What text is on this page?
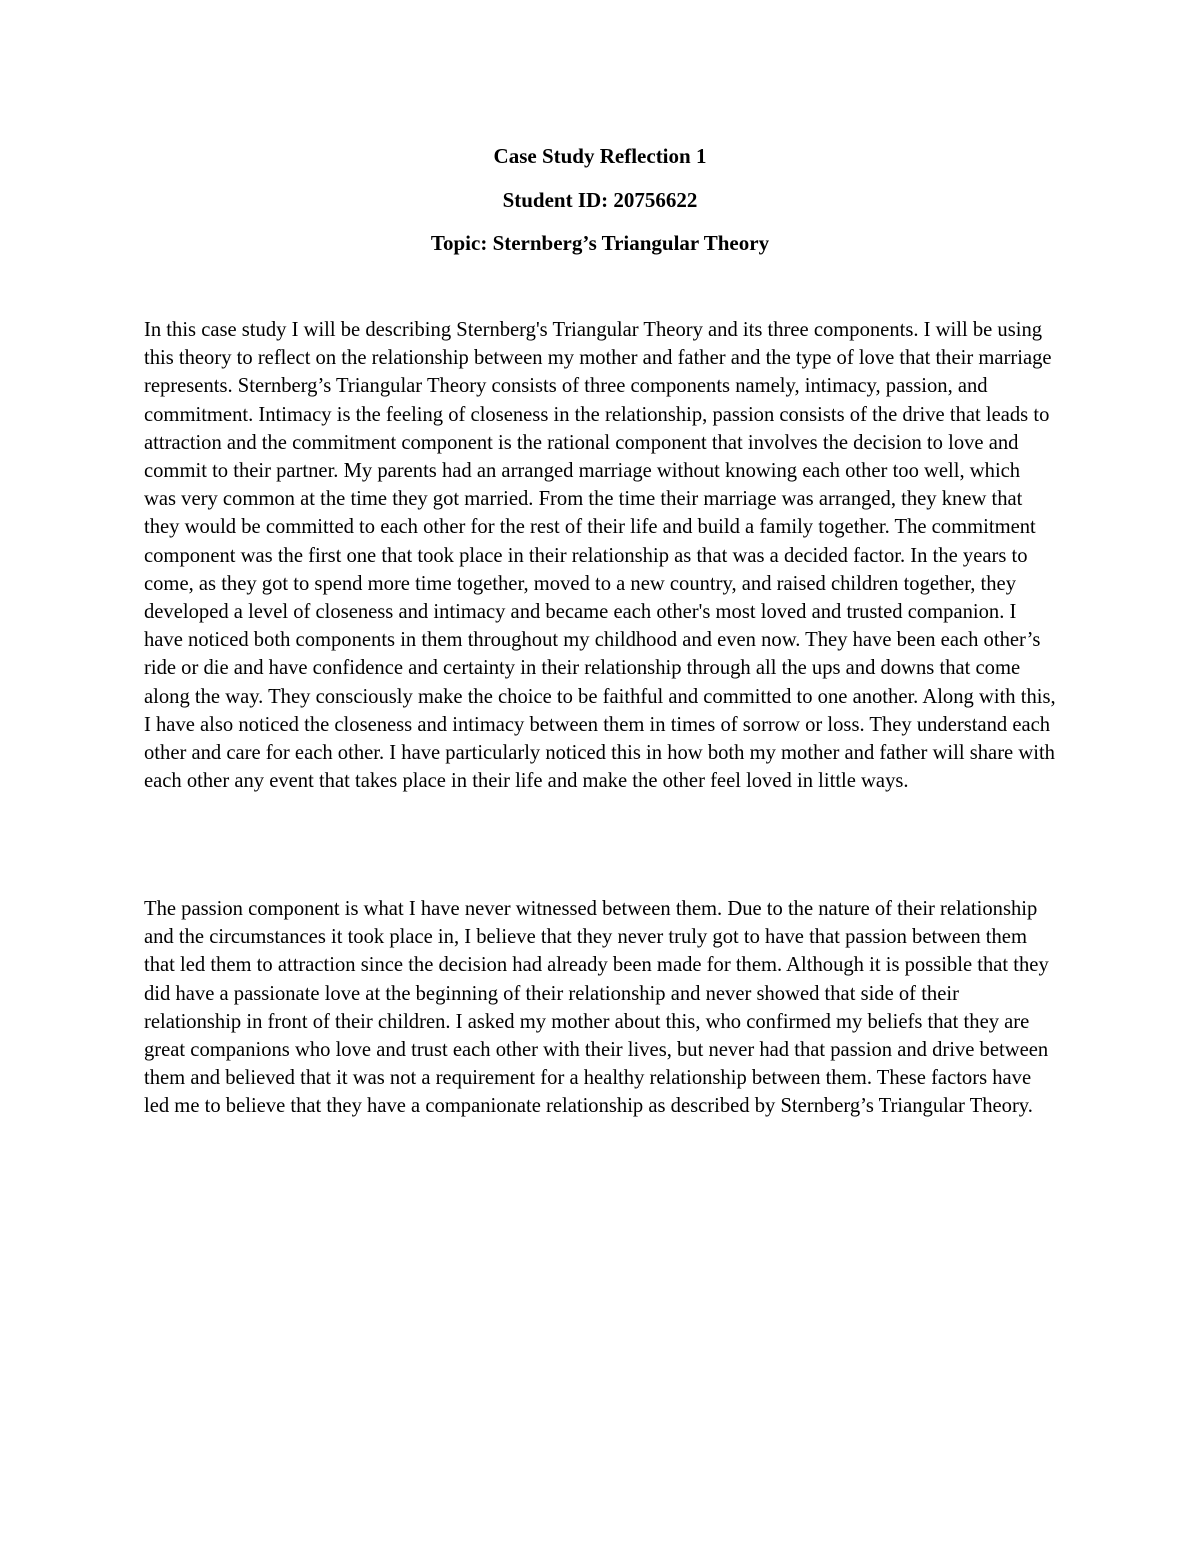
Case Study Reflection 1
Student ID: 20756622
Topic: Sternberg’s Triangular Theory

In this case study I will be describing Sternberg's Triangular Theory and its three components. I will be using this theory to reflect on the relationship between my mother and father and the type of love that their marriage represents. Sternberg’s Triangular Theory consists of three components namely, intimacy, passion, and commitment. Intimacy is the feeling of closeness in the relationship, passion consists of the drive that leads to attraction and the commitment component is the rational component that involves the decision to love and commit to their partner. My parents had an arranged marriage without knowing each other too well, which was very common at the time they got married. From the time their marriage was arranged, they knew that they would be committed to each other for the rest of their life and build a family together. The commitment component was the first one that took place in their relationship as that was a decided factor. In the years to come, as they got to spend more time together, moved to a new country, and raised children together, they developed a level of closeness and intimacy and became each other's most loved and trusted companion. I have noticed both components in them throughout my childhood and even now. They have been each other’s ride or die and have confidence and certainty in their relationship through all the ups and downs that come along the way. They consciously make the choice to be faithful and committed to one another. Along with this, I have also noticed the closeness and intimacy between them in times of sorrow or loss. They understand each other and care for each other. I have particularly noticed this in how both my mother and father will share with each other any event that takes place in their life and make the other feel loved in little ways.

The passion component is what I have never witnessed between them. Due to the nature of their relationship and the circumstances it took place in, I believe that they never truly got to have that passion between them that led them to attraction since the decision had already been made for them. Although it is possible that they did have a passionate love at the beginning of their relationship and never showed that side of their relationship in front of their children. I asked my mother about this, who confirmed my beliefs that they are great companions who love and trust each other with their lives, but never had that passion and drive between them and believed that it was not a requirement for a healthy relationship between them. These factors have led me to believe that they have a companionate relationship as described by Sternberg’s Triangular Theory.
